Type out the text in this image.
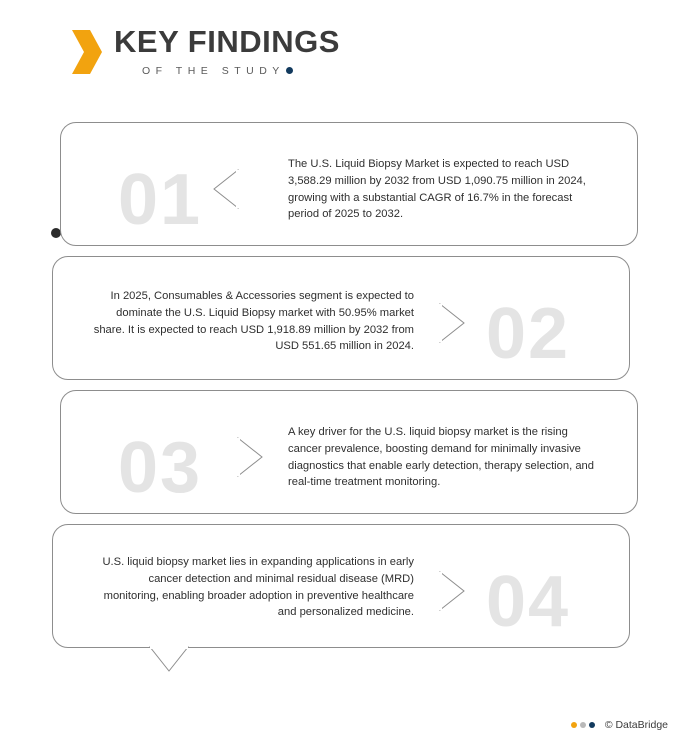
KEY FINDINGS
OF THE STUDY
01
02
03
04
The U.S. Liquid Biopsy Market is expected to reach USD 3,588.29 million by 2032 from USD 1,090.75 million in 2024, growing with a substantial CAGR of 16.7% in the forecast period of 2025 to 2032.
In 2025, Consumables & Accessories segment is expected to dominate the U.S. Liquid Biopsy market with 50.95% market share. It is expected to reach USD 1,918.89 million by 2032 from USD 551.65 million in 2024.
A key driver for the U.S. liquid biopsy market is the rising cancer prevalence, boosting demand for minimally invasive diagnostics that enable early detection, therapy selection, and real-time treatment monitoring.
U.S. liquid biopsy market lies in expanding applications in early cancer detection and minimal residual disease (MRD) monitoring, enabling broader adoption in preventive healthcare and personalized medicine.
© DataBridge
